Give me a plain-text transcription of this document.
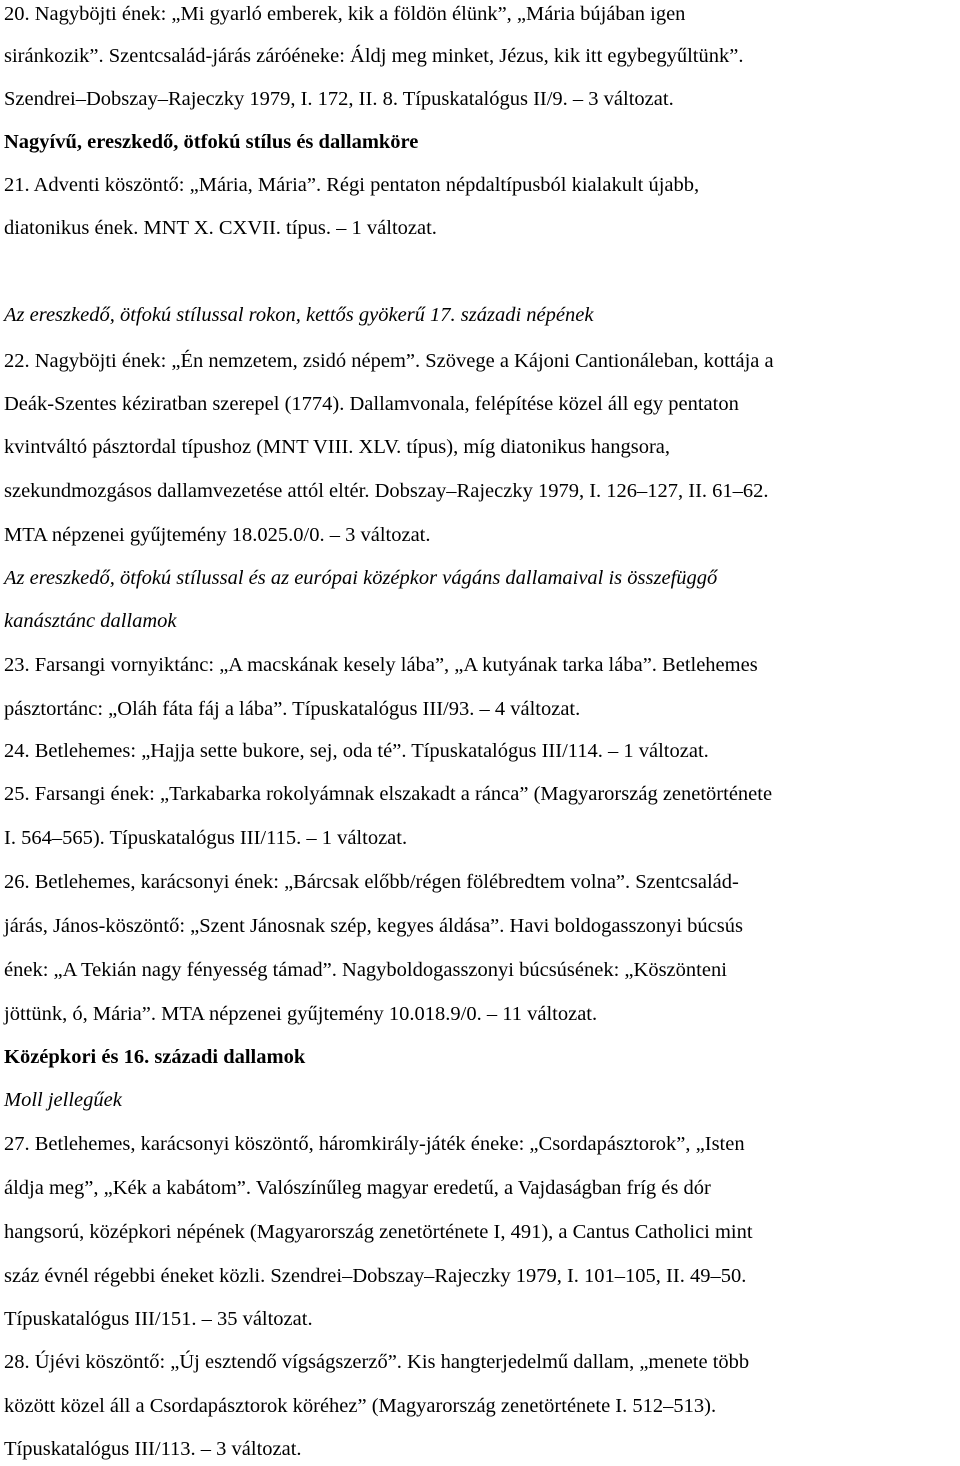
20. Nagyböjti ének: „Mi gyarló emberek, kik a földön élünk”, „Mária bújában igen
siránkozik”. Szentcsalád-járás záróéneke: Áldj meg minket, Jézus, kik itt egybegyűltünk”.
Szendrei–Dobszay–Rajeczky 1979, I. 172, II. 8. Típuskatalógus II/9. – 3 változat.
Nagyívű, ereszkedő, ötfokú stílus és dallamköre
21. Adventi köszöntő: „Mária, Mária”. Régi pentaton népdaltípusból kialakult újabb,
diatonikus ének. MNT X. CXVII. típus. – 1 változat.
Az ereszkedő, ötfokú stílussal rokon, kettős gyökerű 17. századi népének
22. Nagyböjti ének: „Én nemzetem, zsidó népem”. Szövege a Kájoni Cantionáleban, kottája a
Deák-Szentes kéziratban szerepel (1774). Dallamvonala, felépítése közel áll egy pentaton
kvintváltó pásztordal típushoz (MNT VIII. XLV. típus), míg diatonikus hangsora,
szekundmozgásos dallamvezetése attól eltér. Dobszay–Rajeczky 1979, I. 126–127, II. 61–62.
MTA népzenei gyűjtemény 18.025.0/0. – 3 változat.
Az ereszkedő, ötfokú stílussal és az európai középkor vágáns dallamaival is összefüggő
kanásztánc dallamok
23. Farsangi vornyiktánc: „A macskának kesely lába”, „A kutyának tarka lába”. Betlehemes
pásztortánc: „Oláh fáta fáj a lába”. Típuskatalógus III/93. – 4 változat.
24. Betlehemes: „Hajja sette bukore, sej, oda té”. Típuskatalógus III/114. – 1 változat.
25. Farsangi ének: „Tarkabarka rokolyámnak elszakadt a ránca” (Magyarország zenetörténete
I. 564–565). Típuskatalógus III/115. – 1 változat.
26. Betlehemes, karácsonyi ének: „Bárcsak előbb/régen fölébredtem volna”. Szentcsalád-
járás, János-köszöntő: „Szent Jánosnak szép, kegyes áldása”. Havi boldogasszonyi búcsús
ének: „A Tekián nagy fényesség támad”. Nagyboldogasszonyi búcsúsének: „Köszönteni
jöttünk, ó, Mária”. MTA népzenei gyűjtemény 10.018.9/0. – 11 változat.
Középkori és 16. századi dallamok
Moll jellegűek
27. Betlehemes, karácsonyi köszöntő, háromkirály-játék éneke: „Csordapásztorok”, „Isten
áldja meg”, „Kék a kabátom”. Valószínűleg magyar eredetű, a Vajdaságban fríg és dór
hangsorú, középkori népének (Magyarország zenetörténete I, 491), a Cantus Catholici mint
száz évnél régebbi éneket közli. Szendrei–Dobszay–Rajeczky 1979, I. 101–105, II. 49–50.
Típuskatalógus III/151. – 35 változat.
28. Újévi köszöntő: „Új esztendő vígságszerző”. Kis hangterjedelmű dallam, „menete több
között közel áll a Csordapásztorok köréhez” (Magyarország zenetörténete I. 512–513).
Típuskatalógus III/113. – 3 változat.
